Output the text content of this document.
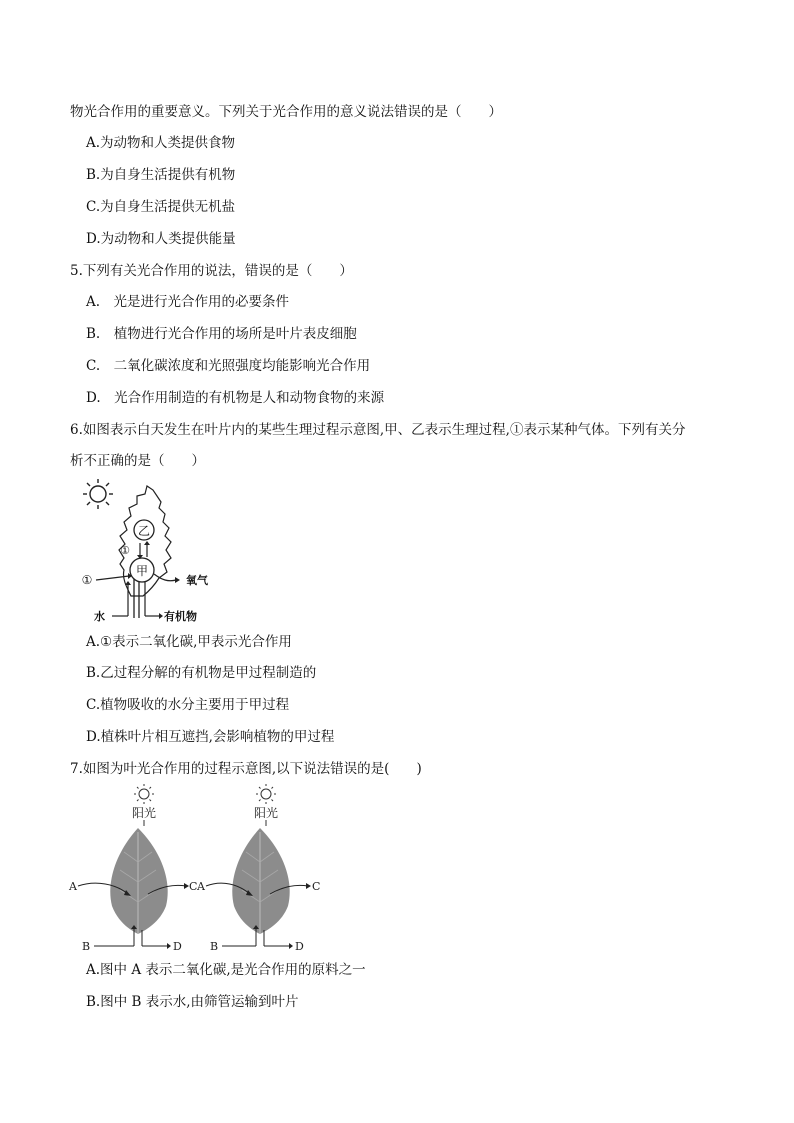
物光合作用的重要意义。下列关于光合作用的意义说法错误的是（　　）
A.为动物和人类提供食物
B.为自身生活提供有机物
C.为自身生活提供无机盐
D.为动物和人类提供能量
5.下列有关光合作用的说法，错误的是（　　）
A.　光是进行光合作用的必要条件
B.　植物进行光合作用的场所是叶片表皮细胞
C.　二氧化碳浓度和光照强度均能影响光合作用
D.　光合作用制造的有机物是人和动物食物的来源
6.如图表示白天发生在叶片内的某些生理过程示意图,甲、乙表示生理过程,①表示某种气体。下列有关分
析不正确的是（　　）
乙
甲
①
①	氧气
水	有机物
A.①表示二氧化碳,甲表示光合作用
B.乙过程分解的有机物是甲过程制造的
C.植物吸收的水分主要用于甲过程
D.植株叶片相互遮挡,会影响植物的甲过程
7.如图为叶光合作用的过程示意图,以下说法错误的是(　　)
阳光
A	C
B	D
阳光
A	C
B	D
A.图中 A 表示二氧化碳,是光合作用的原料之一
B.图中 B 表示水,由筛管运输到叶片
